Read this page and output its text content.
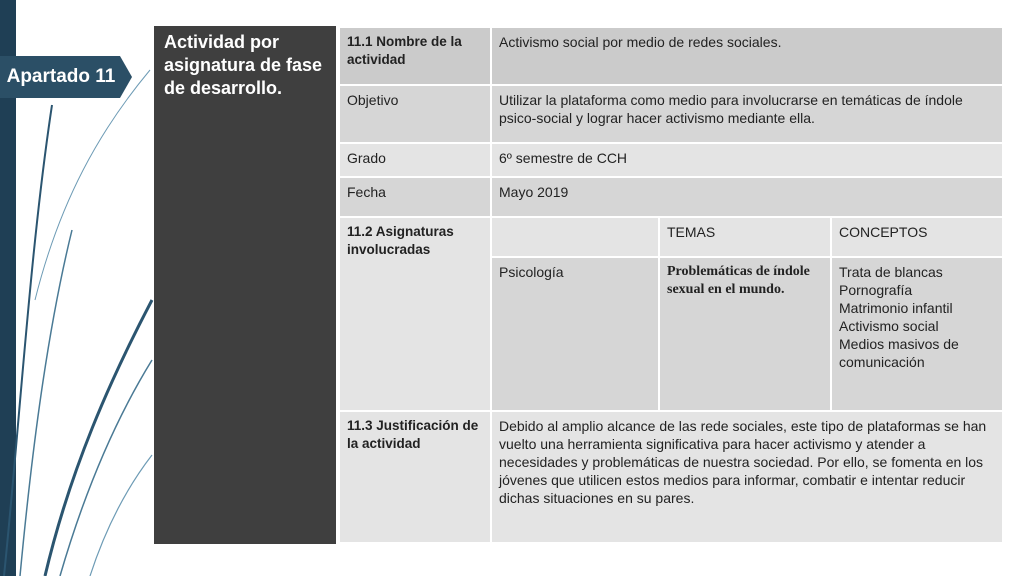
Apartado 11
Actividad por asignatura de fase de desarrollo.
11.1 Nombre de la actividad	Activismo social por medio de redes sociales.		
Objetivo	Utilizar la plataforma como medio para involucrarse en temáticas de índole psico-social y lograr hacer activismo mediante ella.		
Grado	6º semestre de CCH		
Fecha	Mayo 2019		
11.2 Asignaturas involucradas		TEMAS	CONCEPTOS
	Psicología	Problemáticas de índole sexual en el mundo.	Trata de blancas
Pornografía
Matrimonio infantil
Activismo social
Medios masivos de comunicación

11.3 Justificación de la actividad	Debido al amplio alcance de las rede sociales, este tipo de plataformas se han vuelto una herramienta significativa para hacer activismo y atender a necesidades y problemáticas de nuestra sociedad. Por ello, se fomenta en los jóvenes que utilicen estos medios para informar, combatir e intentar reducir dichas situaciones en su pares.		
